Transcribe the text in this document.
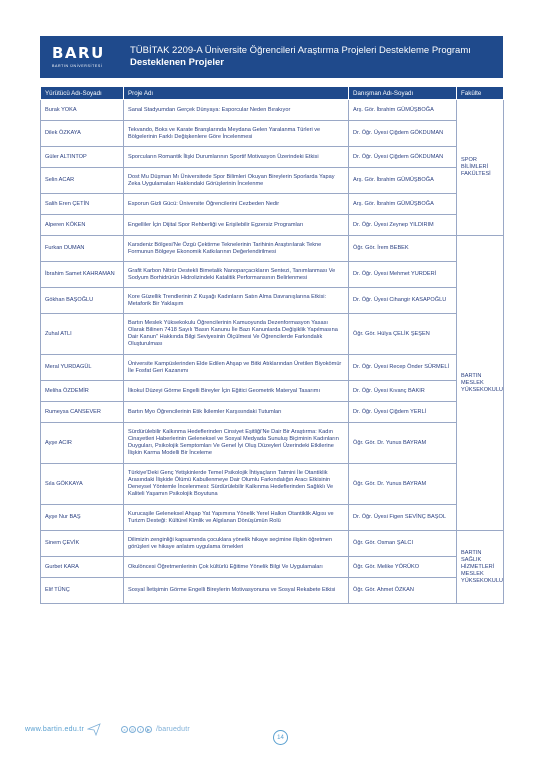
BARU
BARTIN ÜNİVERSİTESİ
TÜBİTAK 2209-A Üniversite Öğrencileri Araştırma Projeleri Destekleme Programı
Desteklenen Projeler
Yürütücü Adı-Soyadı	Proje Adı	Danışman Adı-Soyadı	Fakülte
Burak YOKA	Sanal Stadyumdan Gerçek Dünyaya: Esporcular Neden Bırakıyor	Arş. Gör. İbrahim GÜMÜŞBOĞA	SPOR BİLİMLERİ FAKÜLTESİ
Dilek ÖZKAYA	Tekvando, Boks ve Karate Branşlarında Meydana Gelen Yaralanma Türleri ve Bölgelerinin Farklı Değişkenlere Göre İncelenmesi	Dr. Öğr. Üyesi Çiğdem GÖKDUMAN	
Güler ALTINTOP	Sporcuların Romantik İlişki Durumlarının Sportif Motivasyon Üzerindeki Etkisi	Dr. Öğr. Üyesi Çiğdem GÖKDUMAN	
Selin ACAR	Dost Mu Düşman Mı Üniversitede Spor Bilimleri Okuyan Bireylerin Sporlarda Yapay Zeka Uygulamaları Hakkındaki Görüşlerinin İncelenme	Arş. Gör. İbrahim GÜMÜŞBOĞA	
Salih Eren ÇETİN	Esporun Gizli Gücü: Üniversite Öğrencilerini Cezbeden Nedir	Arş. Gör. İbrahim GÜMÜŞBOĞA	
Alperen KÖKEN	Engelliler İçin Dijital Spor Rehberliği ve Erişilebilir Egzersiz Programları	Dr. Öğr. Üyesi Zeynep YILDIRIM	
Furkan DUMAN	Karsdeniz Bölgesi'Ne Özgü Çektirme Teknelerinin Tarihinin Araştırılarak Tekne Formunun Bölgeye Ekonomik Katkılarının Değerlendirilmesi	Öğr. Gör. İrem BEBEK	BARTIN MESLEK YÜKSEKOKULU
İbrahim Samet KAHRAMAN	Grafit Karbon Nitrür Destekli Bimetalik Nanoparçacıkların Sentezi, Tanımlanması Ve Sodyum Borhidrürün Hidrolizindeki Katalitik Performansının Belirlenmesi	Dr. Öğr. Üyesi Mehmet YURDERİ	
Gökhan BAŞOĞLU	Kore Güzellik Trendlerinin Z Kuşağı Kadınların Satın Alma Davranışlarına Etkisi: Metaforik Bir Yaklaşım	Dr. Öğr. Üyesi Cihangir KASAPOĞLU	
Zuhal ATLI	Bartın Meslek Yüksekokulu Öğrencilerinin Kamuoyunda Dezenformasyon Yasası Olarak Bilinen 7418 Sayılı 'Basın Kanunu İle Bazı Kanunlarda Değişiklik Yapılmasına Dair Kanun'' Hakkında Bilgi Seviyesinin Ölçülmesi Ve Öğrencilerde Farkındalık Oluşturulması	Öğr. Gör. Hülya ÇELİK ŞEŞEN	
Meral YURDAGÜL	Üniversite Kampüslerinden Elde Edilen Ahşap ve Bitki Atıklarından Üretilen Biyokömür İle Fosfat Geri Kazanımı	Dr. Öğr. Üyesi Recep Önder SÜRMELİ	
Meliha ÖZDEMİR	İlkokul Düzeyi Görme Engelli Bireyler İçin Eğitici Geometrik Materyal Tasarımı	Dr. Öğr. Üyesi Kıvanç BAKIR	
Rumeysa CANSEVER	Bartın Myo Öğrencilerinin Etik İkilemler Karşısındaki Tutumları	Dr. Öğr. Üyesi Çiğdem YERLİ	
Ayşe ACIR	Sürdürülebilir Kalkınma Hedeflerinden Cinsiyet Eşitliği'Ne Dair Bir Araştırma: Kadın Cinayetleri Haberlerinin Geleneksel ve Sosyal Medyada Sunuluş Biçiminin Kadınların Duyguları, Psikolojik Semptomları Ve Genel İyi Oluş Düzeyleri Üzerindeki Etkilerine İlişkin Karma Modelli Bir İnceleme	Öğr. Gör. Dr. Yunus BAYRAM	
Sıla GÖKKAYA	Türkiye'Deki Genç Yetişkinlerde Temel Psikolojik İhtiyaçların Tatmini İle Otantiklik Arasındaki İlişkide Ölümü Kabullenmeye Dair Olumlu Farkındalığın Aracı Etkisinin Deneysel Yöntemle İncelenmesi: Sürdürülebilir Kalkınma Hedeflerinden Sağlıklı Ve Kaliteli Yaşamın Psikolojik Boyutuna	Öğr. Gör. Dr. Yunus BAYRAM	
Ayşe Nur BAŞ	Kurucaşile Geleneksel Ahşap Yat Yapımına Yönelik Yerel Halkın Otantiklik Algısı ve Turizm Desteği: Kültürel Kimlik ve Algılanan Dönüşümün Rolü	Dr. Öğr. Üyesi Figen SEVİNÇ BAŞOL	
Sinem ÇEVİK	Dilimizin zenginliği kapsamında çocuklara yönelik hikaye seçimine ilişkin öğretmen görüşleri ve hikaye anlatım uygulama örnekleri	Öğr. Gör. Osman ŞALCI	BARTIN SAĞLIK HİZMETLERİ MESLEK YÜKSEKOKULU
Gurbet KARA	Okulöncesi Öğretmenlerinin Çok kültürlü Eğitime Yönelik Bilgi Ve Uygulamaları	Öğr. Gör. Melike YÖRÜKO	
Elif TÜNÇ	Sosyal İletişimin Görme Engelli Bireylerin Motivasyonuna ve Sosyal Rekabete Etkisi	Öğr. Gör. Ahmet ÖZKAN	
www.bartin.edu.tr	x	◎	f	▶ /baruedutr
14
